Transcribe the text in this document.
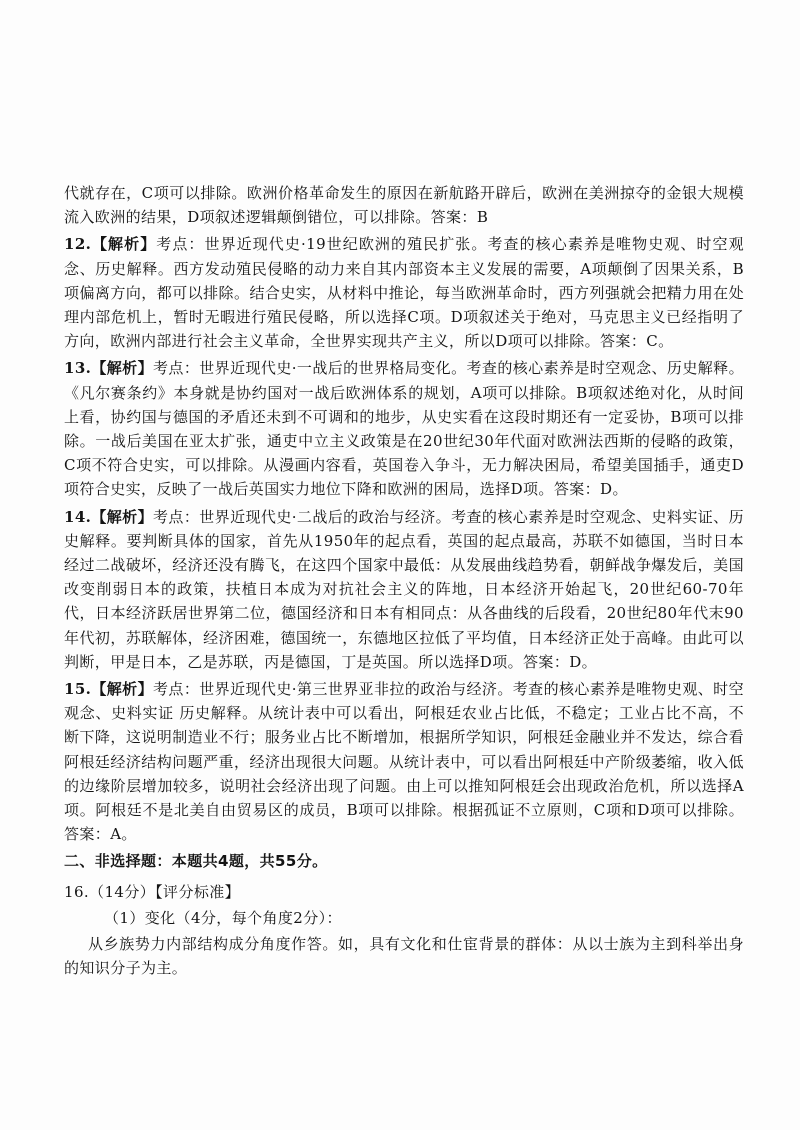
代就存在，C项可以排除。欧洲价格革命发生的原因在新航路开辟后，欧洲在美洲掠夺的金银大规模流入欧洲的结果，D项叙述逻辑颠倒错位，可以排除。答案：B

12.【解析】考点：世界近现代史·19世纪欧洲的殖民扩张。考查的核心素养是唯物史观、时空观念、历史解释。西方发动殖民侵略的动力来自其内部资本主义发展的需要，A项颠倒了因果关系，B项偏离方向，都可以排除。结合史实，从材料中推论，每当欧洲革命时，西方列强就会把精力用在处理内部危机上，暂时无暇进行殖民侵略，所以选择C项。D项叙述关于绝对，马克思主义已经指明了方向，欧洲内部进行社会主义革命，全世界实现共产主义，所以D项可以排除。答案：C。

13.【解析】考点：世界近现代史·一战后的世界格局变化。考查的核心素养是时空观念、历史解释。《凡尔赛条约》本身就是协约国对一战后欧洲体系的规划，A项可以排除。B项叙述绝对化，从时间上看，协约国与德国的矛盾还未到不可调和的地步，从史实看在这段时期还有一定妥协，B项可以排除。一战后美国在亚太扩张，通吏中立主义政策是在20世纪30年代面对欧洲法西斯的侵略的政策，C项不符合史实，可以排除。从漫画内容看，英国卷入争斗，无力解决困局，希望美国插手，通吏D项符合史实，反映了一战后英国实力地位下降和欧洲的困局，选择D项。答案：D。

14.【解析】考点：世界近现代史·二战后的政治与经济。考查的核心素养是时空观念、史料实证、历史解释。要判断具体的国家，首先从1950年的起点看，英国的起点最高，苏联不如德国，当时日本经过二战破坏，经济还没有腾飞，在这四个国家中最低：从发展曲线趋势看，朝鲜战争爆发后，美国改变削弱日本的政策，扶植日本成为对抗社会主义的阵地，日本经济开始起飞，20世纪60-70年代，日本经济跃居世界第二位，德国经济和日本有相同点：从各曲线的后段看，20世纪80年代末90年代初，苏联解体，经济困难，德国统一，东德地区拉低了平均值，日本经济正处于高峰。由此可以判断，甲是日本，乙是苏联，丙是德国，丁是英国。所以选择D项。答案：D。

15.【解析】考点：世界近现代史·第三世界亚非拉的政治与经济。考查的核心素养是唯物史观、时空观念、史料实证 历史解释。从统计表中可以看出，阿根廷农业占比低，不稳定；工业占比不高，不断下降，这说明制造业不行；服务业占比不断增加，根据所学知识，阿根廷金融业并不发达，综合看阿根廷经济结构问题严重，经济出现很大问题。从统计表中，可以看出阿根廷中产阶级萎缩，收入低的边缘阶层增加较多，说明社会经济出现了问题。由上可以推知阿根廷会出现政治危机，所以选择A项。阿根廷不是北美自由贸易区的成员，B项可以排除。根据孤证不立原则，C项和D项可以排除。答案：A。

二、非选择题：本题共4题，共55分。

16.（14分）【评分标准】

（1）变化（4分，每个角度2分）：

从乡族势力内部结构成分角度作答。如，具有文化和仕宦背景的群体：从以士族为主到科举出身的知识分子为主。
